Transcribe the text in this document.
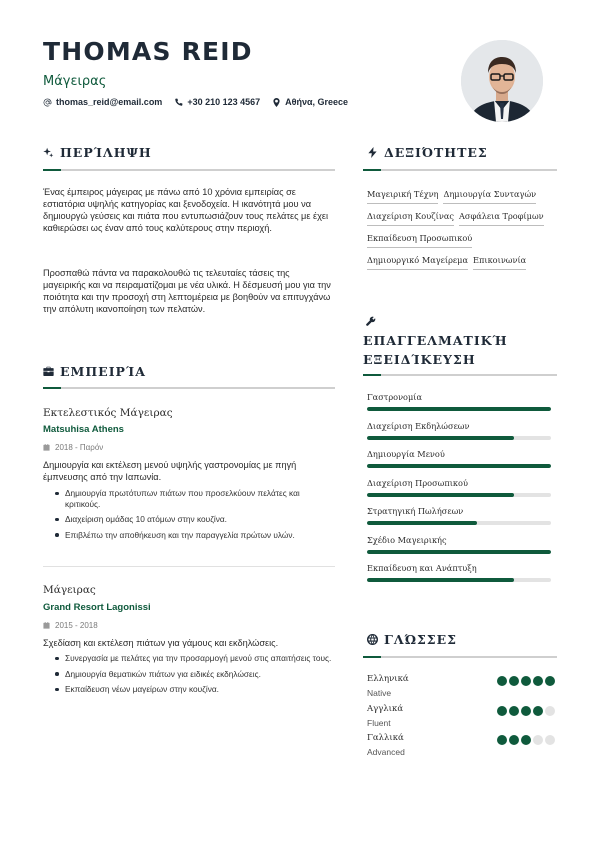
THOMAS REID
Μάγειρας
thomas_reid@email.com	+30 210 123 4567	Αθήνα, Greece
ΠΕΡΊΛΗΨΗ
Ένας έμπειρος μάγειρας με πάνω από 10 χρόνια εμπειρίας σε εστιατόρια υψηλής κατηγορίας και ξενοδοχεία. Η ικανότητά μου να δημιουργώ γεύσεις και πιάτα που εντυπωσιάζουν τους πελάτες με έχει καθιερώσει ως έναν από τους καλύτερους στην περιοχή.
Προσπαθώ πάντα να παρακολουθώ τις τελευταίες τάσεις της μαγειρικής και να πειραματίζομαι με νέα υλικά. Η δέσμευσή μου για την ποιότητα και την προσοχή στη λεπτομέρεια με βοηθούν να επιτυγχάνω την απόλυτη ικανοποίηση των πελατών.
ΕΜΠΕΙΡΊΑ
Εκτελεστικός Μάγειρας
Matsuhisa Athens
2018 - Παρόν
Δημιουργία και εκτέλεση μενού υψηλής γαστρονομίας με πηγή έμπνευσης από την Ιαπωνία.
Δημιουργία πρωτότυπων πιάτων που προσελκύουν πελάτες και κριτικούς.
Διαχείριση ομάδας 10 ατόμων στην κουζίνα.
Επιβλέπω την αποθήκευση και την παραγγελία πρώτων υλών.
Μάγειρας
Grand Resort Lagonissi
2015 - 2018
Σχεδίαση και εκτέλεση πιάτων για γάμους και εκδηλώσεις.
Συνεργασία με πελάτες για την προσαρμογή μενού στις απαιτήσεις τους.
Δημιουργία θεματικών πιάτων για ειδικές εκδηλώσεις.
Εκπαίδευση νέων μαγείρων στην κουζίνα.
ΔΕΞΙΌΤΗΤΕΣ
Μαγειρική Τέχνη Δημιουργία Συνταγών
Διαχείριση Κουζίνας Ασφάλεια Τροφίμων
Εκπαίδευση Προσωπικού
Δημιουργικό Μαγείρεμα Επικοινωνία
ΕΠΑΓΓΕΛΜΑΤΙΚΉ
ΕΞΕΙΔΊΚΕΥΣΗ
Γαστρονομία
Διαχείριση Εκδηλώσεων
Δημιουργία Μενού
Διαχείριση Προσωπικού
Στρατηγική Πωλήσεων
Σχέδιο Μαγειρικής
Εκπαίδευση και Ανάπτυξη
ΓΛΏΣΣΕΣ
Ελληνικά
Native
Αγγλικά
Fluent
Γαλλικά
Advanced
